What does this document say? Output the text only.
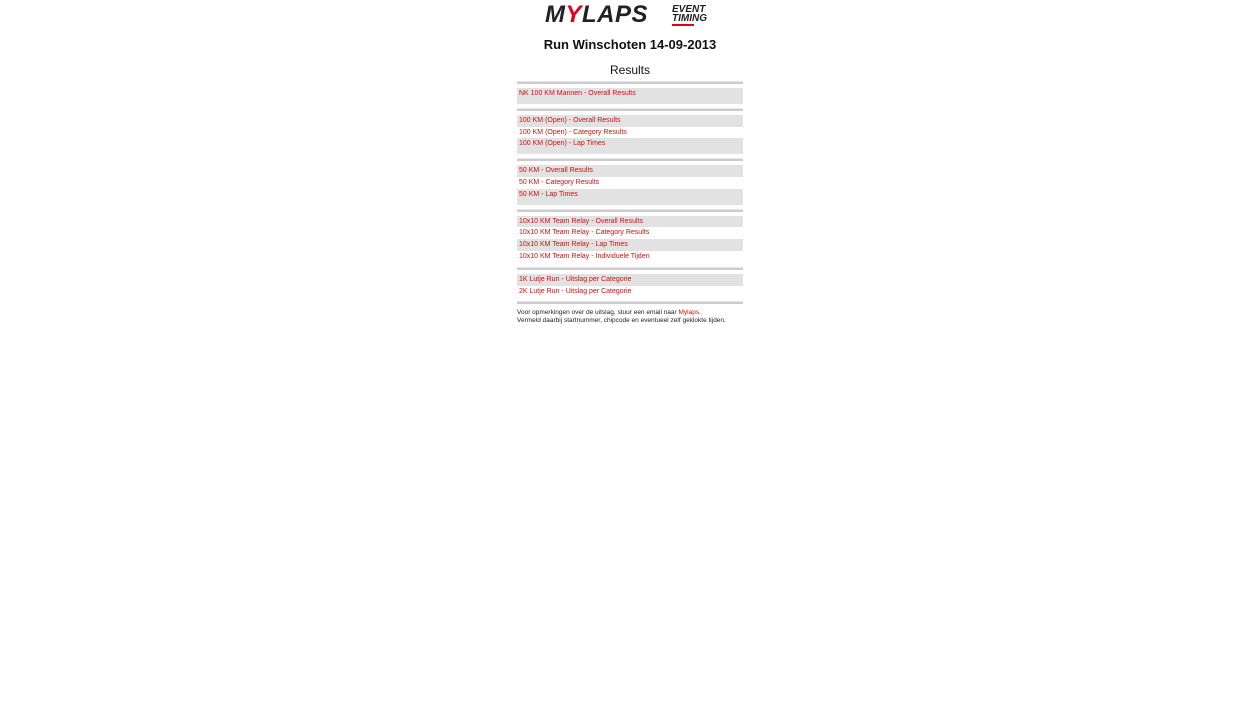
MYLAPS EVENT
TIMING
Run Winschoten 14-09-2013
Results
NK 100 KM Mannen - Overall Results
100 KM (Open) - Overall Results
100 KM (Open) - Category Results
100 KM (Open) - Lap Times
50 KM - Overall Results
50 KM - Category Results
50 KM - Lap Times
10x10 KM Team Relay - Overall Results
10x10 KM Team Relay - Category Results
10x10 KM Team Relay - Lap Times
10x10 KM Team Relay - Individuele Tijden
1K Lutje Run - Uitslag per Categorie
2K Lutje Run - Uitslag per Categorie
Voor opmerkingen over de uitslag, stuur een email naar Mylaps.
Vermeld daarbij startnummer, chipcode en eventueel zelf geklokte tijden.
